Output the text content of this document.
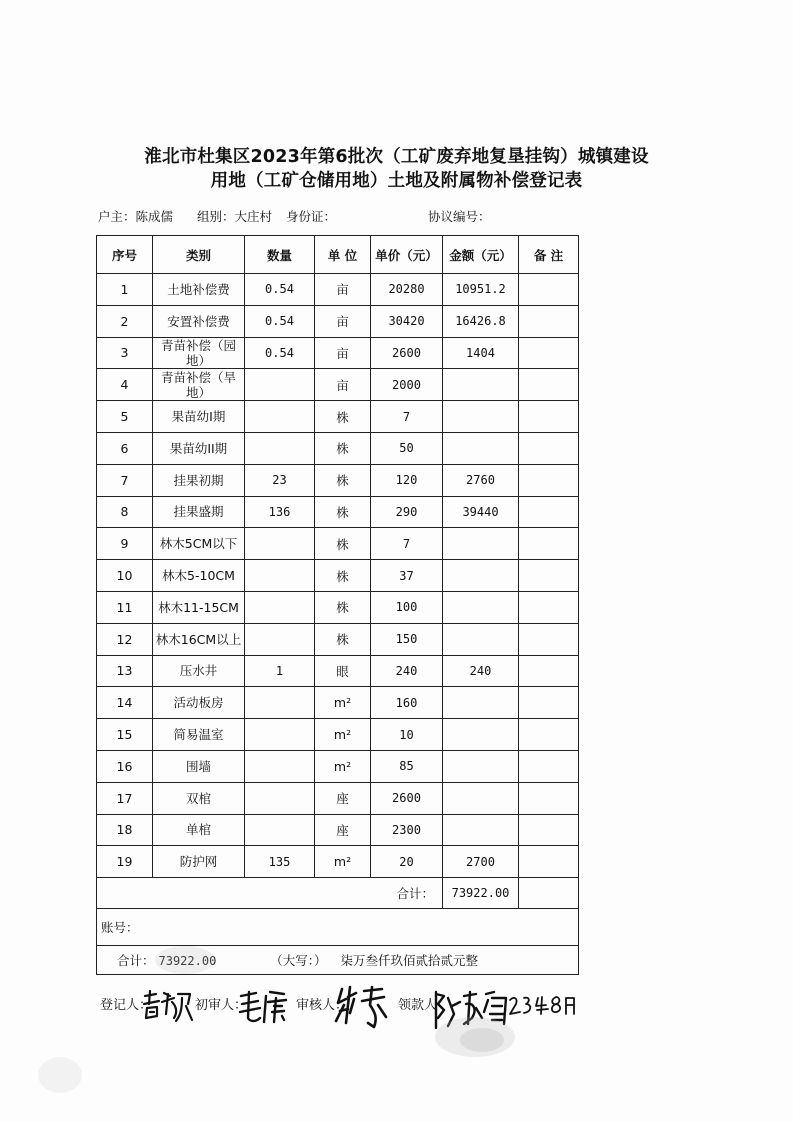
淮北市杜集区2023年第6批次（工矿废弃地复垦挂钩）城镇建设
用地（工矿仓储用地）土地及附属物补偿登记表
户主：陈成儒 组别：大庄村 身份证：	协议编号：
序号	类别	数量	单 位	单价（元）	金额（元）	备 注
1	土地补偿费	0.54	亩	20280	10951.2	
2	安置补偿费	0.54	亩	30420	16426.8	
3	青苗补偿（园地）	0.54	亩	2600	1404	
4	青苗补偿（旱地）		亩	2000		
5	果苗幼I期		株	7		
6	果苗幼II期		株	50		
7	挂果初期	23	株	120	2760	
8	挂果盛期	136	株	290	39440	
9	林木5CM以下		株	7		
10	林木5-10CM		株	37		
11	林木11-15CM		株	100		
12	林木16CM以上		株	150		
13	压水井	1	眼	240	240	
14	活动板房		m²	160		
15	简易温室		m²	10		
16	围墙		m²	85		
17	双棺		座	2600		
18	单棺		座	2300		
19	防护网	135	m²	20	2700	
合计：					73922.00	
账号：						

合计： 73922.00 （大写：） 柒万叁仟玖佰贰拾贰元整						
登记人：	初审人：	审核人：	领款人
